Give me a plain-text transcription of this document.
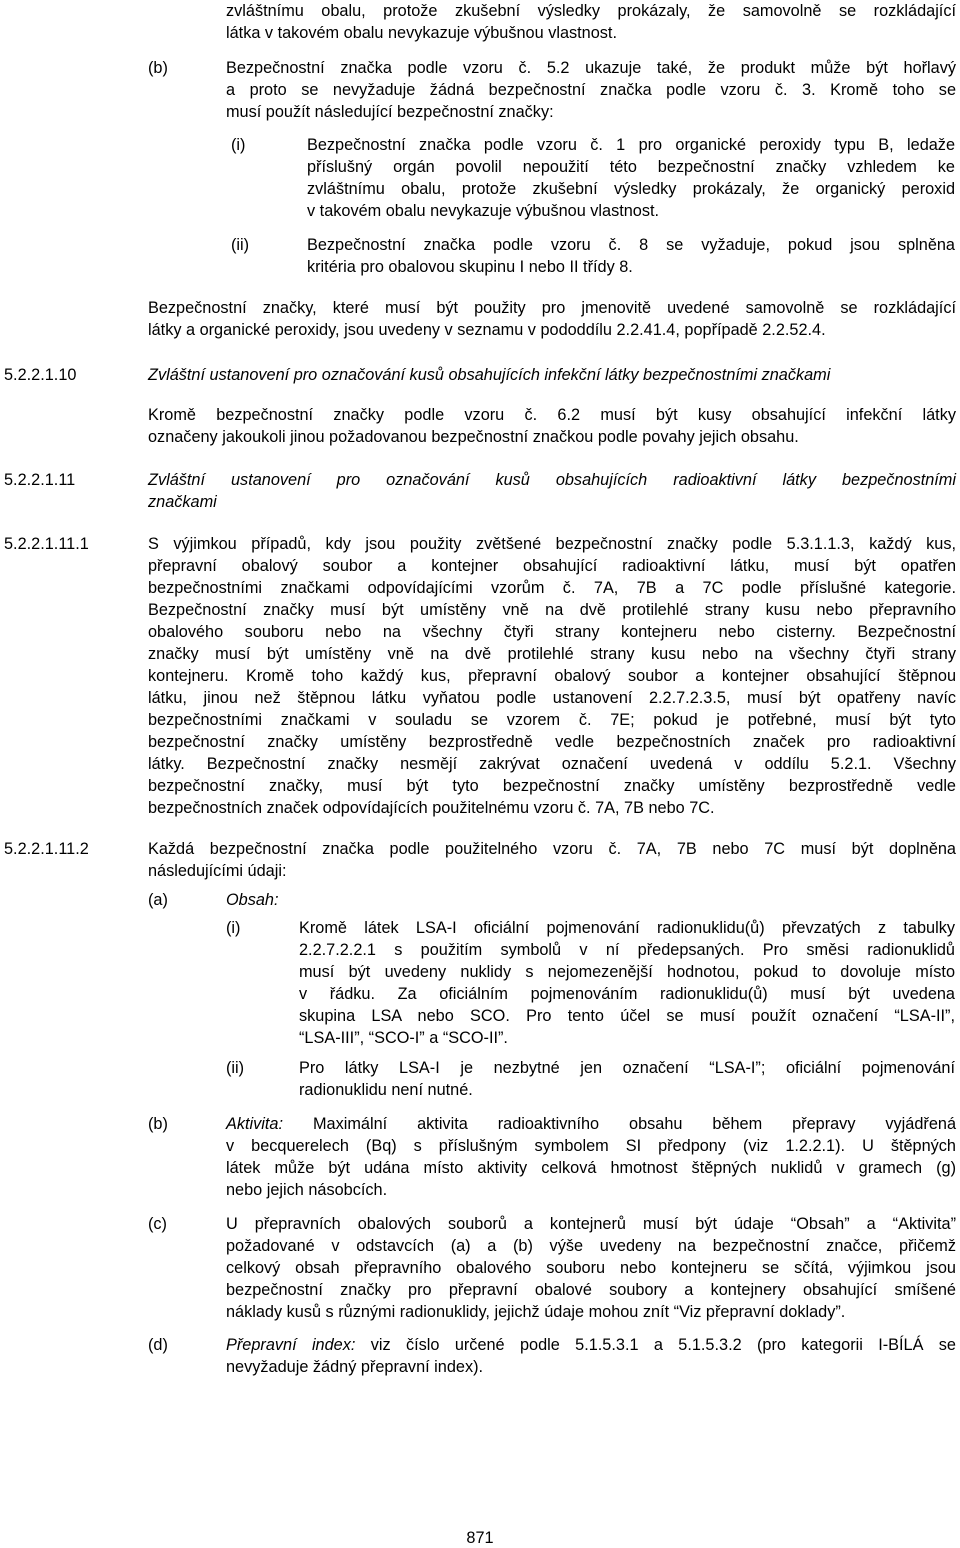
zvláštnímu obalu, protože zkušební výsledky prokázaly, že samovolně se rozkládající
látka v takovém obalu nevykazuje výbušnou vlastnost.
(b)	Bezpečnostní značka podle vzoru č. 5.2 ukazuje také, že produkt může být hořlavý
a proto se nevyžaduje žádná bezpečnostní značka podle vzoru č. 3. Kromě toho se
musí použít následující bezpečnostní značky:
(i)	Bezpečnostní značka podle vzoru č. 1 pro organické peroxidy typu B, ledaže
příslušný orgán povolil nepoužití této bezpečnostní značky vzhledem ke
zvláštnímu obalu, protože zkušební výsledky prokázaly, že organický peroxid
v takovém obalu nevykazuje výbušnou vlastnost.
(ii)	Bezpečnostní značka podle vzoru č. 8 se vyžaduje, pokud jsou splněna
kritéria pro obalovou skupinu I nebo II třídy 8.
Bezpečnostní značky, které musí být použity pro jmenovitě uvedené samovolně se rozkládající
látky a organické peroxidy, jsou uvedeny v seznamu v pododdílu 2.2.41.4, popřípadě 2.2.52.4.
5.2.2.1.10	Zvláštní ustanovení pro označování kusů obsahujících infekční látky bezpečnostními značkami
Kromě bezpečnostní značky podle vzoru č. 6.2 musí být kusy obsahující infekční látky
označeny jakoukoli jinou požadovanou bezpečnostní značkou podle povahy jejich obsahu.
5.2.2.1.11	Zvláštní ustanovení pro označování kusů obsahujících radioaktivní látky bezpečnostními
značkami
5.2.2.1.11.1	S výjimkou případů, kdy jsou použity zvětšené bezpečnostní značky podle 5.3.1.1.3, každý kus,
přepravní obalový soubor a kontejner obsahující radioaktivní látku, musí být opatřen
bezpečnostními značkami odpovídajícími vzorům č. 7A, 7B a 7C podle příslušné kategorie.
Bezpečnostní značky musí být umístěny vně na dvě protilehlé strany kusu nebo přepravního
obalového souboru nebo na všechny čtyři strany kontejneru nebo cisterny. Bezpečnostní
značky musí být umístěny vně na dvě protilehlé strany kusu nebo na všechny čtyři strany
kontejneru. Kromě toho každý kus, přepravní obalový soubor a kontejner obsahující štěpnou
látku, jinou než štěpnou látku vyňatou podle ustanovení 2.2.7.2.3.5, musí být opatřeny navíc
bezpečnostními značkami v souladu se vzorem č. 7E; pokud je potřebné, musí být tyto
bezpečnostní značky umístěny bezprostředně vedle bezpečnostních značek pro radioaktivní
látky. Bezpečnostní značky nesmějí zakrývat označení uvedená v oddílu 5.2.1. Všechny
bezpečnostní značky, musí být tyto bezpečnostní značky umístěny bezprostředně vedle
bezpečnostních značek odpovídajících použitelnému vzoru č. 7A, 7B nebo 7C.
5.2.2.1.11.2	Každá bezpečnostní značka podle použitelného vzoru č. 7A, 7B nebo 7C musí být doplněna
následujícími údaji:
(a)	Obsah:
(i)	Kromě látek LSA-I oficiální pojmenování radionuklidu(ů) převzatých z tabulky
2.2.7.2.2.1 s použitím symbolů v ní předepsaných. Pro směsi radionuklidů
musí být uvedeny nuklidy s nejomezenější hodnotou, pokud to dovoluje místo
v řádku. Za oficiálním pojmenováním radionuklidu(ů) musí být uvedena
skupina LSA nebo SCO. Pro tento účel se musí použít označení “LSA-II”,
“LSA-III”, “SCO-I” a “SCO-II”.
(ii)	Pro látky LSA-I je nezbytné jen označení “LSA-I”; oficiální pojmenování
radionuklidu není nutné.
(b)	Aktivita: Maximální aktivita radioaktivního obsahu během přepravy vyjádřená
v becquerelech (Bq) s příslušným symbolem SI předpony (viz 1.2.2.1). U štěpných
látek může být udána místo aktivity celková hmotnost štěpných nuklidů v gramech (g)
nebo jejich násobcích.
(c)	U přepravních obalových souborů a kontejnerů musí být údaje “Obsah” a “Aktivita”
požadované v odstavcích (a) a (b) výše uvedeny na bezpečnostní značce, přičemž
celkový obsah přepravního obalového souboru nebo kontejneru se sčítá, výjimkou jsou
bezpečnostní značky pro přepravní obalové soubory a kontejnery obsahující smíšené
náklady kusů s různými radionuklidy, jejichž údaje mohou znít “Viz přepravní doklady”.
(d)	Přepravní index: viz číslo určené podle 5.1.5.3.1 a 5.1.5.3.2 (pro kategorii I-BÍLÁ se
nevyžaduje žádný přepravní index).
871
